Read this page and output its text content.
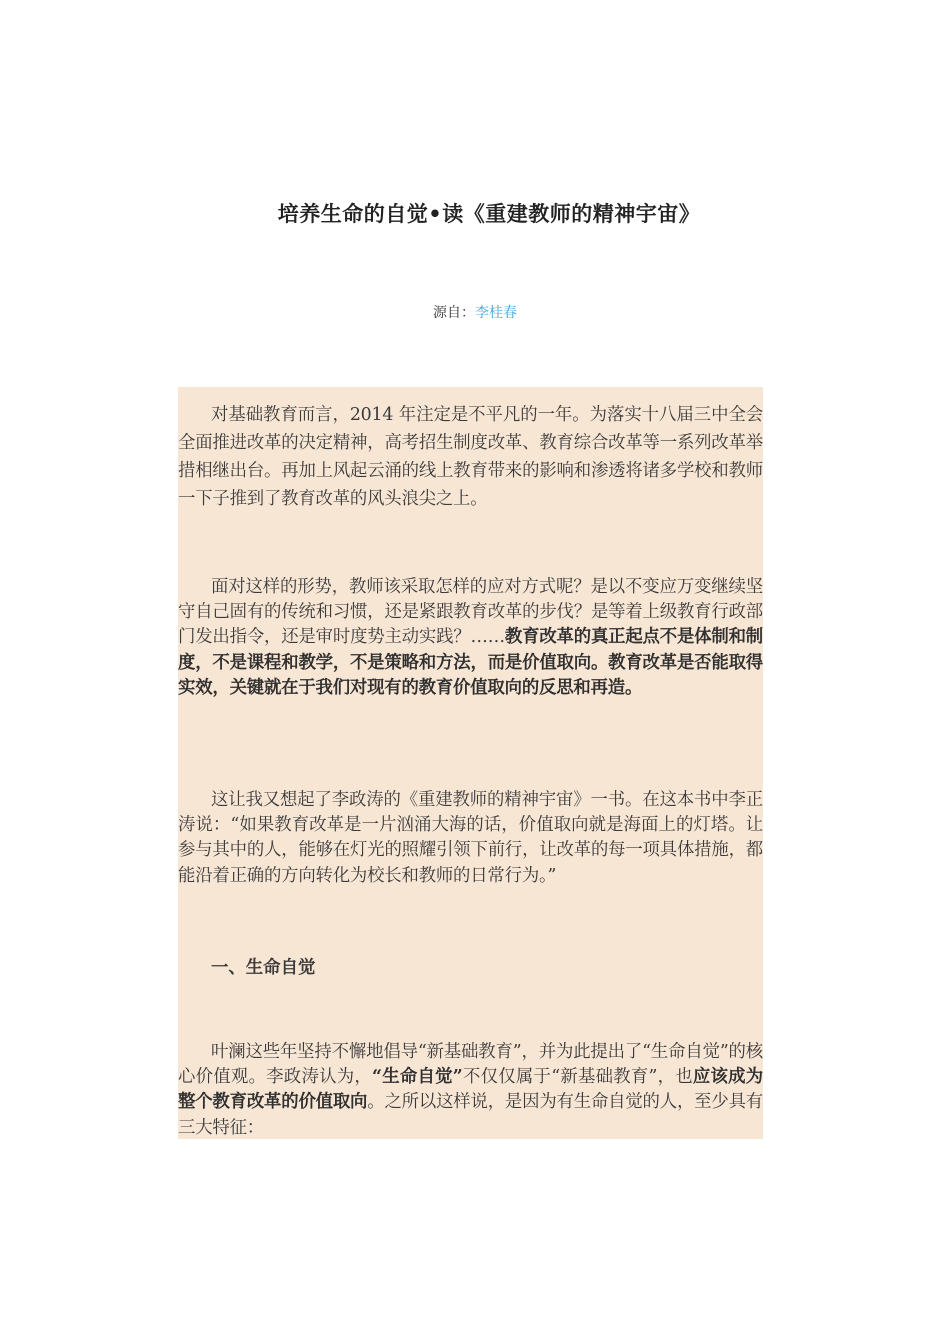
培养生命的自觉•读《重建教师的精神宇宙》
源自：李桂春

对基础教育而言，2014 年注定是不平凡的一年。为落实十八届三中全会全面推进改革的决定精神，高考招生制度改革、教育综合改革等一系列改革举措相继出台。再加上风起云涌的线上教育带来的影响和渗透将诸多学校和教师一下子推到了教育改革的风头浪尖之上。

面对这样的形势，教师该采取怎样的应对方式呢？是以不变应万变继续坚守自己固有的传统和习惯，还是紧跟教育改革的步伐？是等着上级教育行政部门发出指令，还是审时度势主动实践？……教育改革的真正起点不是体制和制度，不是课程和教学，不是策略和方法，而是价值取向。教育改革是否能取得实效，关键就在于我们对现有的教育价值取向的反思和再造。

这让我又想起了李政涛的《重建教师的精神宇宙》一书。在这本书中李正涛说：“如果教育改革是一片汹涌大海的话，价值取向就是海面上的灯塔。让参与其中的人，能够在灯光的照耀引领下前行，让改革的每一项具体措施，都能沿着正确的方向转化为校长和教师的日常行为。”

一、生命自觉

叶澜这些年坚持不懈地倡导“新基础教育”，并为此提出了“生命自觉”的核心价值观。李政涛认为，“生命自觉”不仅仅属于“新基础教育”，也应该成为整个教育改革的价值取向。之所以这样说，是因为有生命自觉的人，至少具有三大特征：
